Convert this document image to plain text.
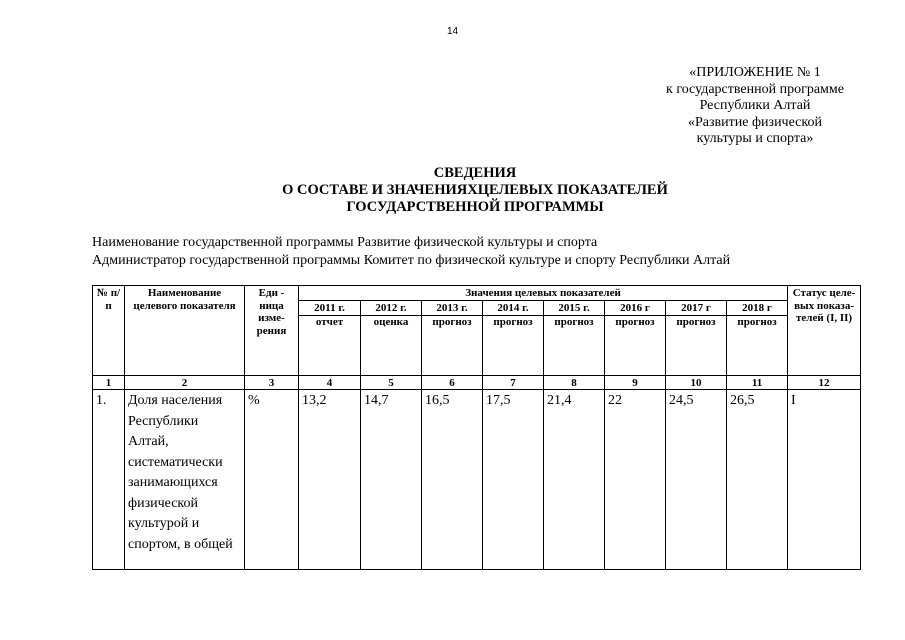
14
«ПРИЛОЖЕНИЕ № 1
к государственной программе
Республики Алтай
«Развитие физической
культуры и спорта»
СВЕДЕНИЯ
О СОСТАВЕ И ЗНАЧЕНИЯХЦЕЛЕВЫХ ПОКАЗАТЕЛЕЙ
ГОСУДАРСТВЕННОЙ ПРОГРАММЫ
Наименование государственной программы Развитие физической культуры и спорта
Администратор государственной программы Комитет по физической культуре и спорту Республики Алтай
№ п/п	Наименование целевого показателя	Еди - ница изме- рения	Значения целевых показателей								Статус целе- вых показа- телей (I, II)
			2011 г.	2012 г.	2013 г.	2014 г.	2015 г.	2016 г	2017 г	2018 г	
			отчет	оценка	прогноз	прогноз	прогноз	прогноз	прогноз	прогноз	
1	2	3	4	5	6	7	8	9	10	11	12
1.	Доля населения Республики Алтай, систематически занимающихся физической культурой и спортом, в общей	%	13,2	14,7	16,5	17,5	21,4	22	24,5	26,5	I
